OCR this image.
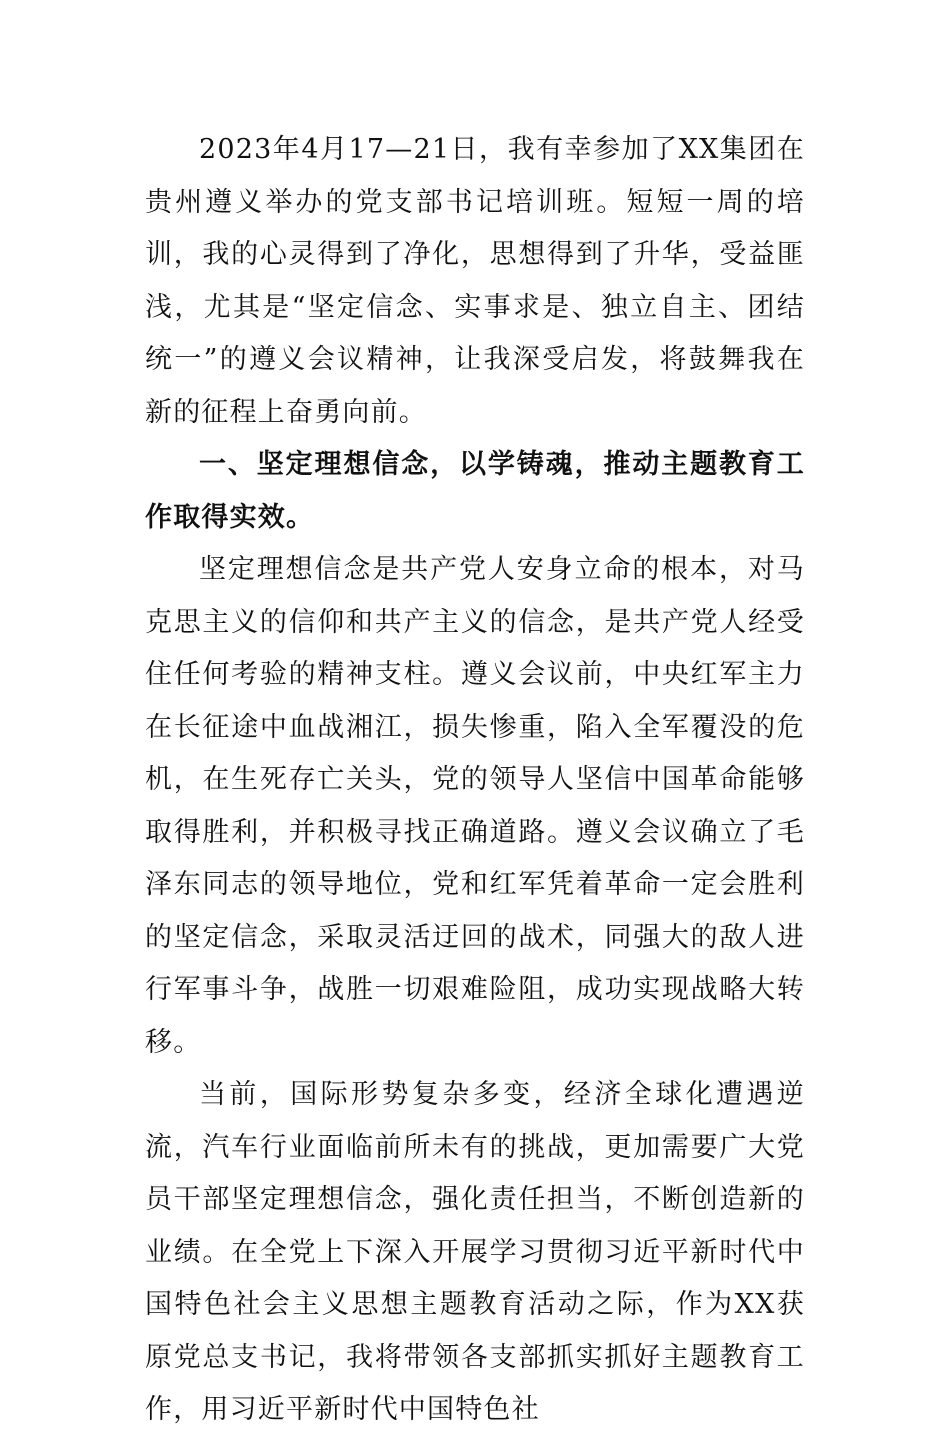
2023年4月17—21日，我有幸参加了XX集团在贵州遵义举办的党支部书记培训班。短短一周的培训，我的心灵得到了净化，思想得到了升华，受益匪浅，尤其是“坚定信念、实事求是、独立自主、团结统一”的遵义会议精神，让我深受启发，将鼓舞我在新的征程上奋勇向前。

一、坚定理想信念，以学铸魂，推动主题教育工作取得实效。

坚定理想信念是共产党人安身立命的根本，对马克思主义的信仰和共产主义的信念，是共产党人经受住任何考验的精神支柱。遵义会议前，中央红军主力在长征途中血战湘江，损失惨重，陷入全军覆没的危机，在生死存亡关头，党的领导人坚信中国革命能够取得胜利，并积极寻找正确道路。遵义会议确立了毛泽东同志的领导地位，党和红军凭着革命一定会胜利的坚定信念，采取灵活迂回的战术，同强大的敌人进行军事斗争，战胜一切艰难险阻，成功实现战略大转移。

当前，国际形势复杂多变，经济全球化遭遇逆流，汽车行业面临前所未有的挑战，更加需要广大党员干部坚定理想信念，强化责任担当，不断创造新的业绩。在全党上下深入开展学习贯彻习近平新时代中国特色社会主义思想主题教育活动之际，作为XX获原党总支书记，我将带领各支部抓实抓好主题教育工作，用习近平新时代中国特色社
